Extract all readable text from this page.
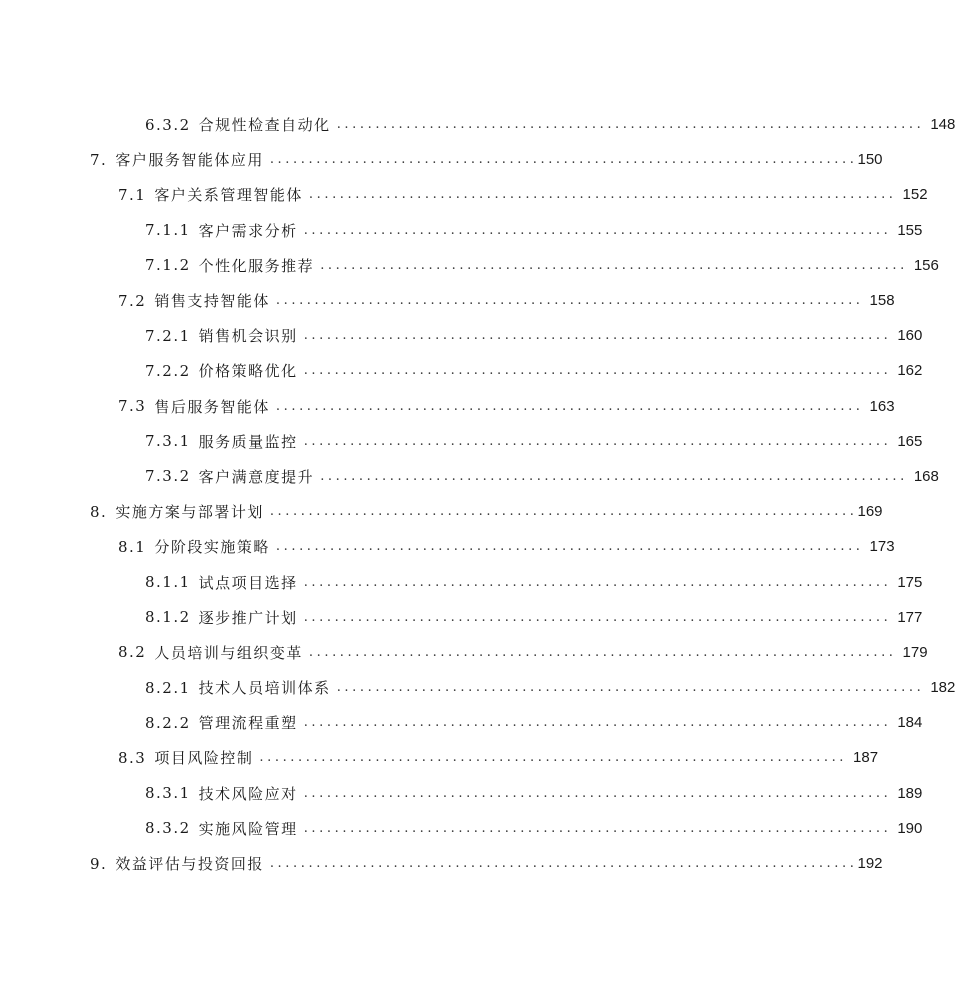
6.3.2 合规性检查自动化 ............................................................................ 148
7. 客户服务智能体应用 ............................................................................ 150
7.1 客户关系管理智能体 ............................................................................ 152
7.1.1 客户需求分析 ............................................................................ 155
7.1.2 个性化服务推荐 ............................................................................ 156
7.2 销售支持智能体 ............................................................................ 158
7.2.1 销售机会识别 ............................................................................ 160
7.2.2 价格策略优化 ............................................................................ 162
7.3 售后服务智能体 ............................................................................ 163
7.3.1 服务质量监控 ............................................................................ 165
7.3.2 客户满意度提升 ............................................................................ 168
8. 实施方案与部署计划 ............................................................................ 169
8.1 分阶段实施策略 ............................................................................ 173
8.1.1 试点项目选择 ............................................................................ 175
8.1.2 逐步推广计划 ............................................................................ 177
8.2 人员培训与组织变革 ............................................................................ 179
8.2.1 技术人员培训体系 ............................................................................ 182
8.2.2 管理流程重塑 ............................................................................ 184
8.3 项目风险控制 ............................................................................ 187
8.3.1 技术风险应对 ............................................................................ 189
8.3.2 实施风险管理 ............................................................................ 190
9. 效益评估与投资回报 ............................................................................ 192
